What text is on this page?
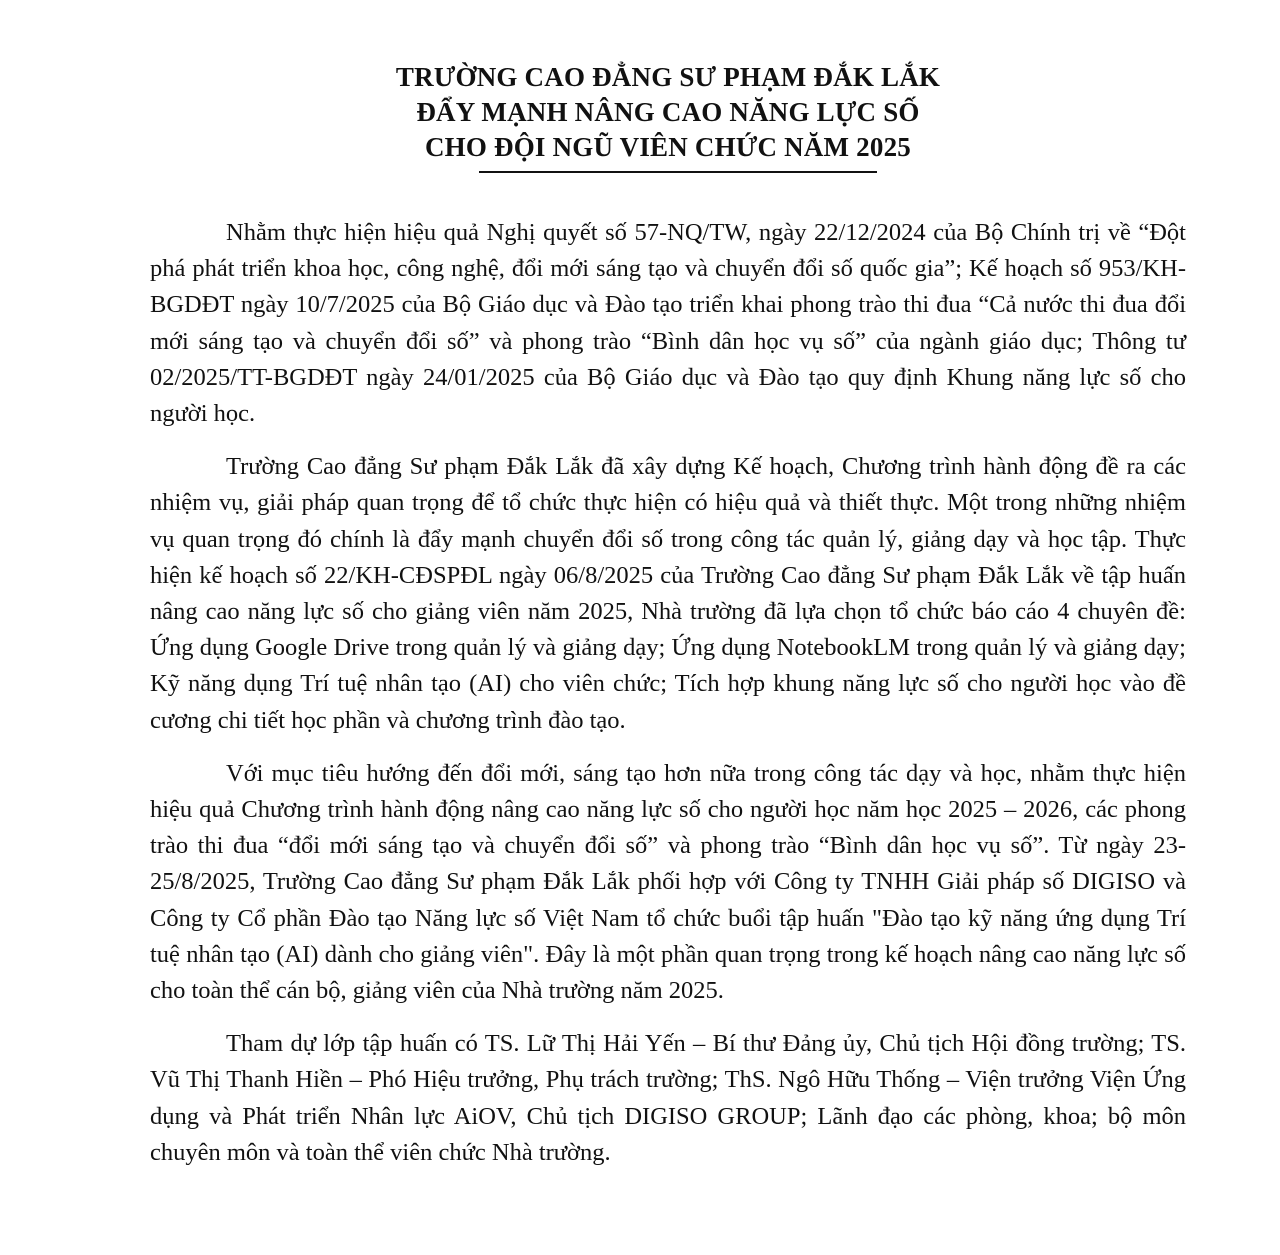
TRƯỜNG CAO ĐẲNG SƯ PHẠM ĐẮK LẮK
ĐẨY MẠNH NÂNG CAO NĂNG LỰC SỐ
CHO ĐỘI NGŨ VIÊN CHỨC NĂM 2025

Nhằm thực hiện hiệu quả Nghị quyết số 57-NQ/TW, ngày 22/12/2024 của Bộ Chính trị về “Đột phá phát triển khoa học, công nghệ, đổi mới sáng tạo và chuyển đổi số quốc gia”; Kế hoạch số 953/KH-BGDĐT ngày 10/7/2025 của Bộ Giáo dục và Đào tạo triển khai phong trào thi đua “Cả nước thi đua đổi mới sáng tạo và chuyển đổi số” và phong trào “Bình dân học vụ số” của ngành giáo dục; Thông tư 02/2025/TT-BGDĐT ngày 24/01/2025 của Bộ Giáo dục và Đào tạo quy định Khung năng lực số cho người học.

Trường Cao đẳng Sư phạm Đắk Lắk đã xây dựng Kế hoạch, Chương trình hành động đề ra các nhiệm vụ, giải pháp quan trọng để tổ chức thực hiện có hiệu quả và thiết thực. Một trong những nhiệm vụ quan trọng đó chính là đẩy mạnh chuyển đổi số trong công tác quản lý, giảng dạy và học tập. Thực hiện kế hoạch số 22/KH-CĐSPĐL ngày 06/8/2025 của Trường Cao đẳng Sư phạm Đắk Lắk về tập huấn nâng cao năng lực số cho giảng viên năm 2025, Nhà trường đã lựa chọn tổ chức báo cáo 4 chuyên đề: Ứng dụng Google Drive trong quản lý và giảng dạy; Ứng dụng NotebookLM trong quản lý và giảng dạy; Kỹ năng dụng Trí tuệ nhân tạo (AI) cho viên chức; Tích hợp khung năng lực số cho người học vào đề cương chi tiết học phần và chương trình đào tạo.

Với mục tiêu hướng đến đổi mới, sáng tạo hơn nữa trong công tác dạy và học, nhằm thực hiện hiệu quả Chương trình hành động nâng cao năng lực số cho người học năm học 2025 – 2026, các phong trào thi đua “đổi mới sáng tạo và chuyển đổi số” và phong trào “Bình dân học vụ số”. Từ ngày 23-25/8/2025, Trường Cao đẳng Sư phạm Đắk Lắk phối hợp với Công ty TNHH Giải pháp số DIGISO và Công ty Cổ phần Đào tạo Năng lực số Việt Nam tổ chức buổi tập huấn "Đào tạo kỹ năng ứng dụng Trí tuệ nhân tạo (AI) dành cho giảng viên". Đây là một phần quan trọng trong kế hoạch nâng cao năng lực số cho toàn thể cán bộ, giảng viên của Nhà trường năm 2025.

Tham dự lớp tập huấn có TS. Lữ Thị Hải Yến – Bí thư Đảng ủy, Chủ tịch Hội đồng trường; TS. Vũ Thị Thanh Hiền – Phó Hiệu trưởng, Phụ trách trường; ThS. Ngô Hữu Thống – Viện trưởng Viện Ứng dụng và Phát triển Nhân lực AiOV, Chủ tịch DIGISO GROUP; Lãnh đạo các phòng, khoa; bộ môn chuyên môn và toàn thể viên chức Nhà trường.
